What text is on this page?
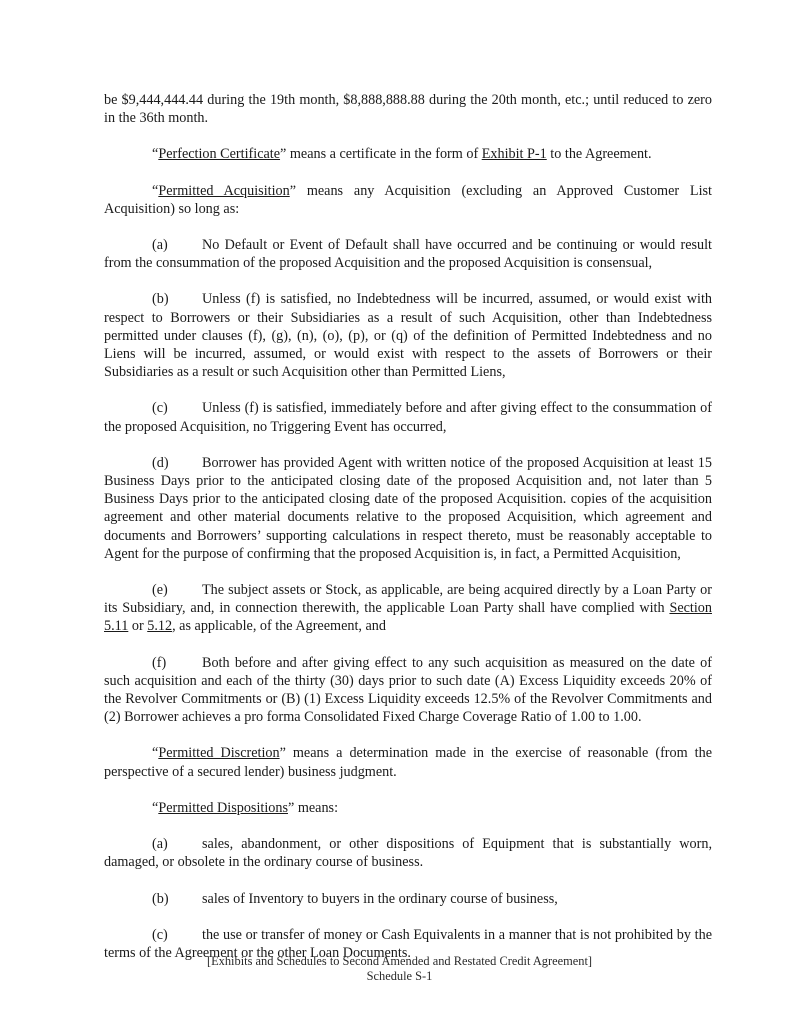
be $9,444,444.44 during the 19th month, $8,888,888.88 during the 20th month, etc.; until reduced to zero in the 36th month.

“Perfection Certificate” means a certificate in the form of Exhibit P-1 to the Agreement.

“Permitted Acquisition” means any Acquisition (excluding an Approved Customer List Acquisition) so long as:

(a) No Default or Event of Default shall have occurred and be continuing or would result from the consummation of the proposed Acquisition and the proposed Acquisition is consensual,

(b) Unless (f) is satisfied, no Indebtedness will be incurred, assumed, or would exist with respect to Borrowers or their Subsidiaries as a result of such Acquisition, other than Indebtedness permitted under clauses (f), (g), (n), (o), (p), or (q) of the definition of Permitted Indebtedness and no Liens will be incurred, assumed, or would exist with respect to the assets of Borrowers or their Subsidiaries as a result or such Acquisition other than Permitted Liens,

(c) Unless (f) is satisfied, immediately before and after giving effect to the consummation of the proposed Acquisition, no Triggering Event has occurred,

(d) Borrower has provided Agent with written notice of the proposed Acquisition at least 15 Business Days prior to the anticipated closing date of the proposed Acquisition and, not later than 5 Business Days prior to the anticipated closing date of the proposed Acquisition. copies of the acquisition agreement and other material documents relative to the proposed Acquisition, which agreement and documents and Borrowers’ supporting calculations in respect thereto, must be reasonably acceptable to Agent for the purpose of confirming that the proposed Acquisition is, in fact, a Permitted Acquisition,

(e) The subject assets or Stock, as applicable, are being acquired directly by a Loan Party or its Subsidiary, and, in connection therewith, the applicable Loan Party shall have complied with Section 5.11 or 5.12, as applicable, of the Agreement, and

(f)	Both before and after giving effect to any such acquisition as measured on the date of such acquisition and each of the thirty (30) days prior to such date (A) Excess Liquidity exceeds 20% of the Revolver Commitments or (B) (1) Excess Liquidity exceeds 12.5% of the Revolver Commitments and (2) Borrower achieves a pro forma Consolidated Fixed Charge Coverage Ratio of 1.00 to 1.00.

“Permitted Discretion” means a determination made in the exercise of reasonable (from the perspective of a secured lender) business judgment.

“Permitted Dispositions” means:

(a) sales, abandonment, or other dispositions of Equipment that is substantially worn, damaged, or obsolete in the ordinary course of business.

(b) sales of Inventory to buyers in the ordinary course of business,

(c) the use or transfer of money or Cash Equivalents in a manner that is not prohibited by the terms of the Agreement or the other Loan Documents.

[Exhibits and Schedules to Second Amended and Restated Credit Agreement]
Schedule S-1
